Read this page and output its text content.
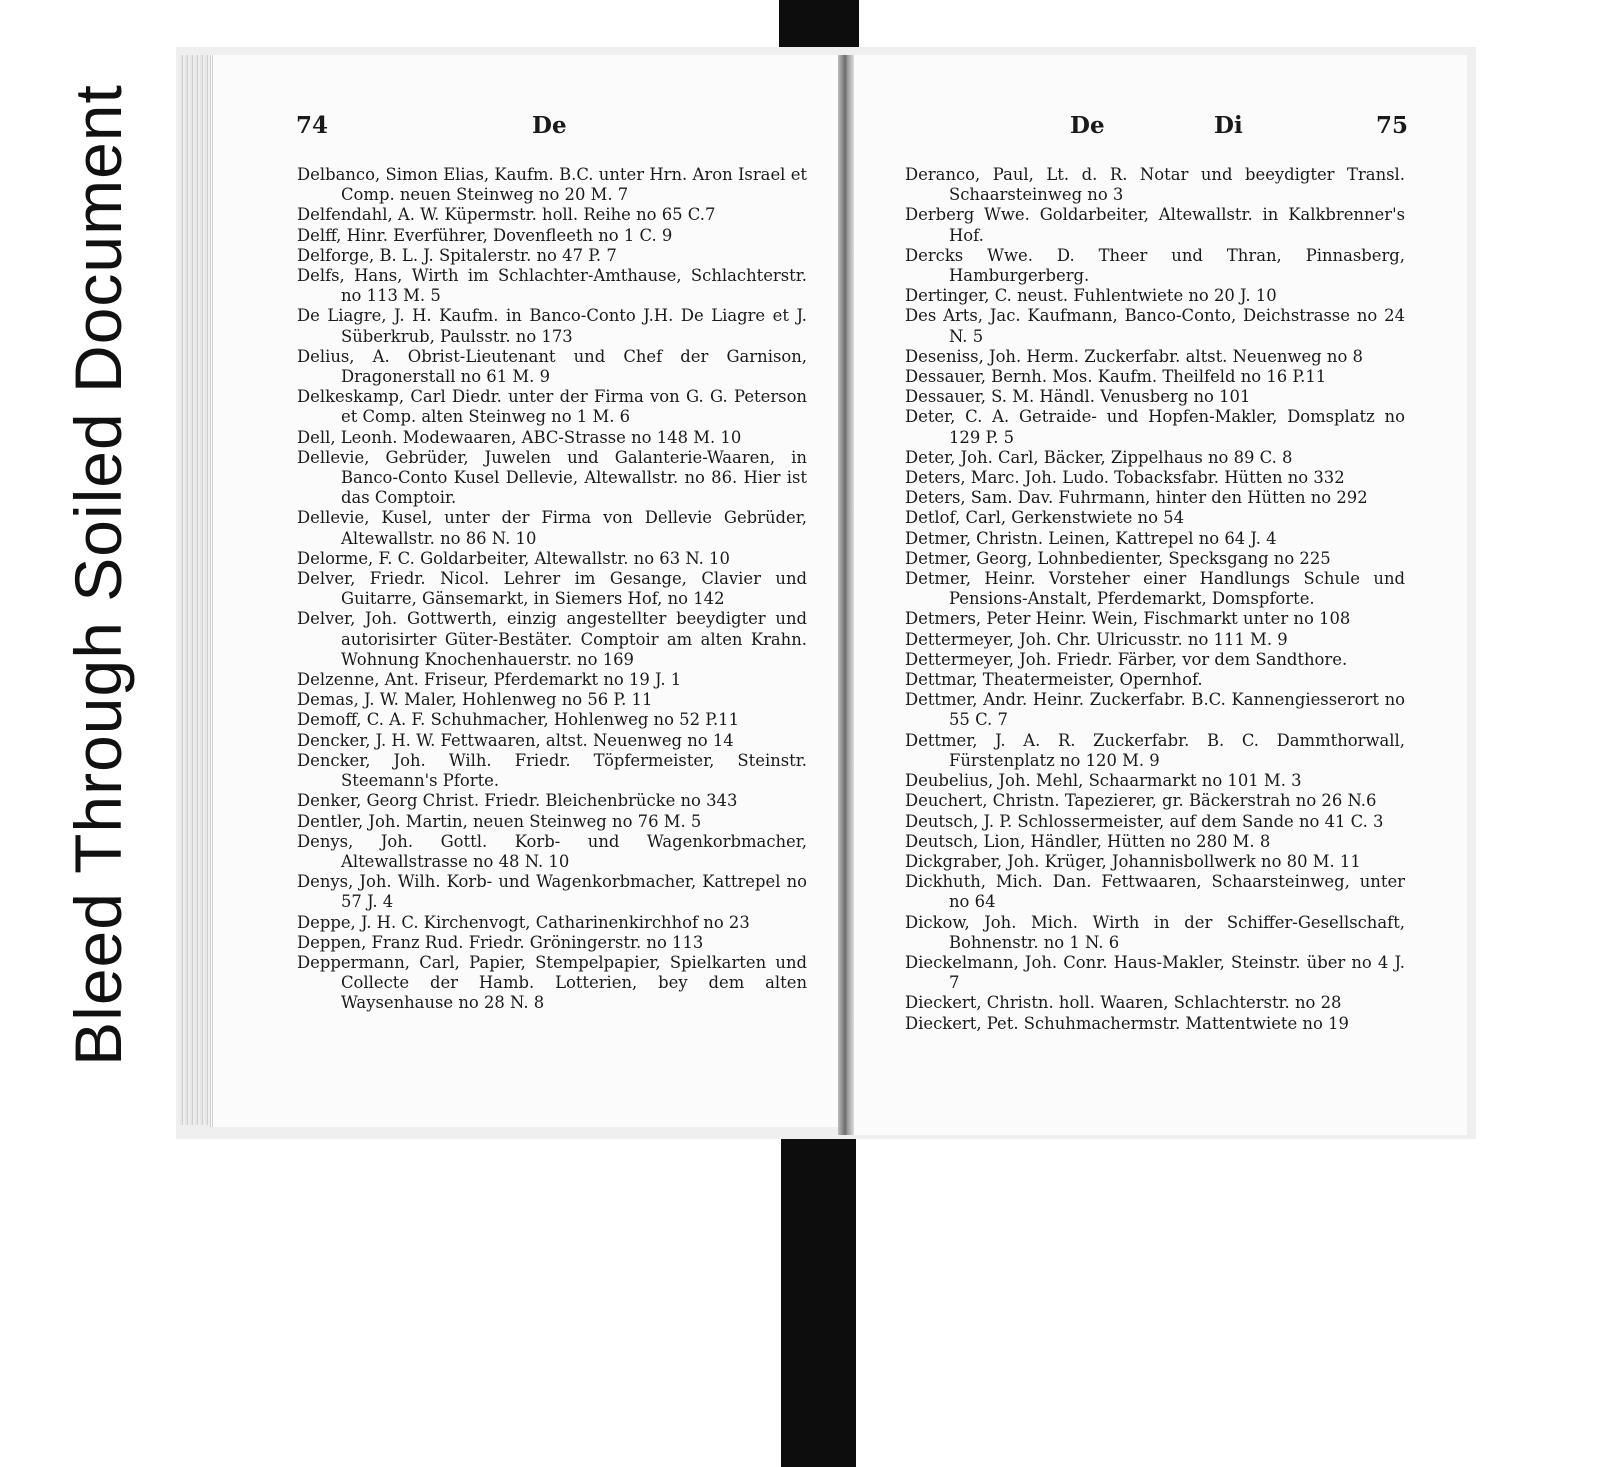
Bleed Through Soiled Document	74	De	De	Di	75
Delbanco, Simon Elias, Kaufm. B.C. unter Hrn. Aron Israel et Comp. neuen Steinweg no 20 M. 7
Delfendahl, A. W. Küpermstr. holl. Reihe no 65 C.7
Delff, Hinr. Everführer, Dovenfleeth no 1 C. 9
Delforge, B. L. J. Spitalerstr. no 47 P. 7
Delfs, Hans, Wirth im Schlachter-Amthause, Schlachterstr. no 113 M. 5
De Liagre, J. H. Kaufm. in Banco-Conto J.H. De Liagre et J. Süberkrub, Paulsstr. no 173
Delius, A. Obrist-Lieutenant und Chef der Garnison, Dragonerstall no 61 M. 9
Delkeskamp, Carl Diedr. unter der Firma von G. G. Peterson et Comp. alten Steinweg no 1 M. 6
Dell, Leonh. Modewaaren, ABC-Strasse no 148 M. 10
Dellevie, Gebrüder, Juwelen und Galanterie-Waaren, in Banco-Conto Kusel Dellevie, Altewallstr. no 86. Hier ist das Comptoir.
Dellevie, Kusel, unter der Firma von Dellevie Gebrüder, Altewallstr. no 86 N. 10
Delorme, F. C. Goldarbeiter, Altewallstr. no 63 N. 10
Delver, Friedr. Nicol. Lehrer im Gesange, Clavier und Guitarre, Gänsemarkt, in Siemers Hof, no 142
Delver, Joh. Gottwerth, einzig angestellter beeydigter und autorisirter Güter-Bestäter. Comptoir am alten Krahn. Wohnung Knochenhauerstr. no 169
Delzenne, Ant. Friseur, Pferdemarkt no 19 J. 1
Demas, J. W. Maler, Hohlenweg no 56 P. 11
Demoff, C. A. F. Schuhmacher, Hohlenweg no 52 P.11
Dencker, J. H. W. Fettwaaren, altst. Neuenweg no 14
Dencker, Joh. Wilh. Friedr. Töpfermeister, Steinstr. Steemann's Pforte.
Denker, Georg Christ. Friedr. Bleichenbrücke no 343
Dentler, Joh. Martin, neuen Steinweg no 76 M. 5
Denys, Joh. Gottl. Korb- und Wagenkorbmacher, Altewallstrasse no 48 N. 10
Denys, Joh. Wilh. Korb- und Wagenkorbmacher, Kattrepel no 57 J. 4
Deppe, J. H. C. Kirchenvogt, Catharinenkirchhof no 23
Deppen, Franz Rud. Friedr. Gröningerstr. no 113
Deppermann, Carl, Papier, Stempelpapier, Spielkarten und Collecte der Hamb. Lotterien, bey dem alten Waysenhause no 28 N. 8
Deranco, Paul, Lt. d. R. Notar und beeydigter Transl. Schaarsteinweg no 3
Derberg Wwe. Goldarbeiter, Altewallstr. in Kalkbrenner's Hof.
Dercks Wwe. D. Theer und Thran, Pinnasberg, Hamburgerberg.
Dertinger, C. neust. Fuhlentwiete no 20 J. 10
Des Arts, Jac. Kaufmann, Banco-Conto, Deichstrasse no 24 N. 5
Deseniss, Joh. Herm. Zuckerfabr. altst. Neuenweg no 8
Dessauer, Bernh. Mos. Kaufm. Theilfeld no 16 P.11
Dessauer, S. M. Händl. Venusberg no 101
Deter, C. A. Getraide- und Hopfen-Makler, Domsplatz no 129 P. 5
Deter, Joh. Carl, Bäcker, Zippelhaus no 89 C. 8
Deters, Marc. Joh. Ludo. Tobacksfabr. Hütten no 332
Deters, Sam. Dav. Fuhrmann, hinter den Hütten no 292
Detlof, Carl, Gerkenstwiete no 54
Detmer, Christn. Leinen, Kattrepel no 64 J. 4
Detmer, Georg, Lohnbedienter, Specksgang no 225
Detmer, Heinr. Vorsteher einer Handlungs Schule und Pensions-Anstalt, Pferdemarkt, Domspforte.
Detmers, Peter Heinr. Wein, Fischmarkt unter no 108
Dettermeyer, Joh. Chr. Ulricusstr. no 111 M. 9
Dettermeyer, Joh. Friedr. Färber, vor dem Sandthore.
Dettmar, Theatermeister, Opernhof.
Dettmer, Andr. Heinr. Zuckerfabr. B.C. Kannengiesserort no 55 C. 7
Dettmer, J. A. R. Zuckerfabr. B. C. Dammthorwall, Fürstenplatz no 120 M. 9
Deubelius, Joh. Mehl, Schaarmarkt no 101 M. 3
Deuchert, Christn. Tapezierer, gr. Bäckerstrah no 26 N.6
Deutsch, J. P. Schlossermeister, auf dem Sande no 41 C. 3
Deutsch, Lion, Händler, Hütten no 280 M. 8
Dickgraber, Joh. Krüger, Johannisbollwerk no 80 M. 11
Dickhuth, Mich. Dan. Fettwaaren, Schaarsteinweg, unter no 64
Dickow, Joh. Mich. Wirth in der Schiffer-Gesellschaft, Bohnenstr. no 1 N. 6
Dieckelmann, Joh. Conr. Haus-Makler, Steinstr. über no 4 J. 7
Dieckert, Christn. holl. Waaren, Schlachterstr. no 28
Dieckert, Pet. Schuhmachermstr. Mattentwiete no 19
